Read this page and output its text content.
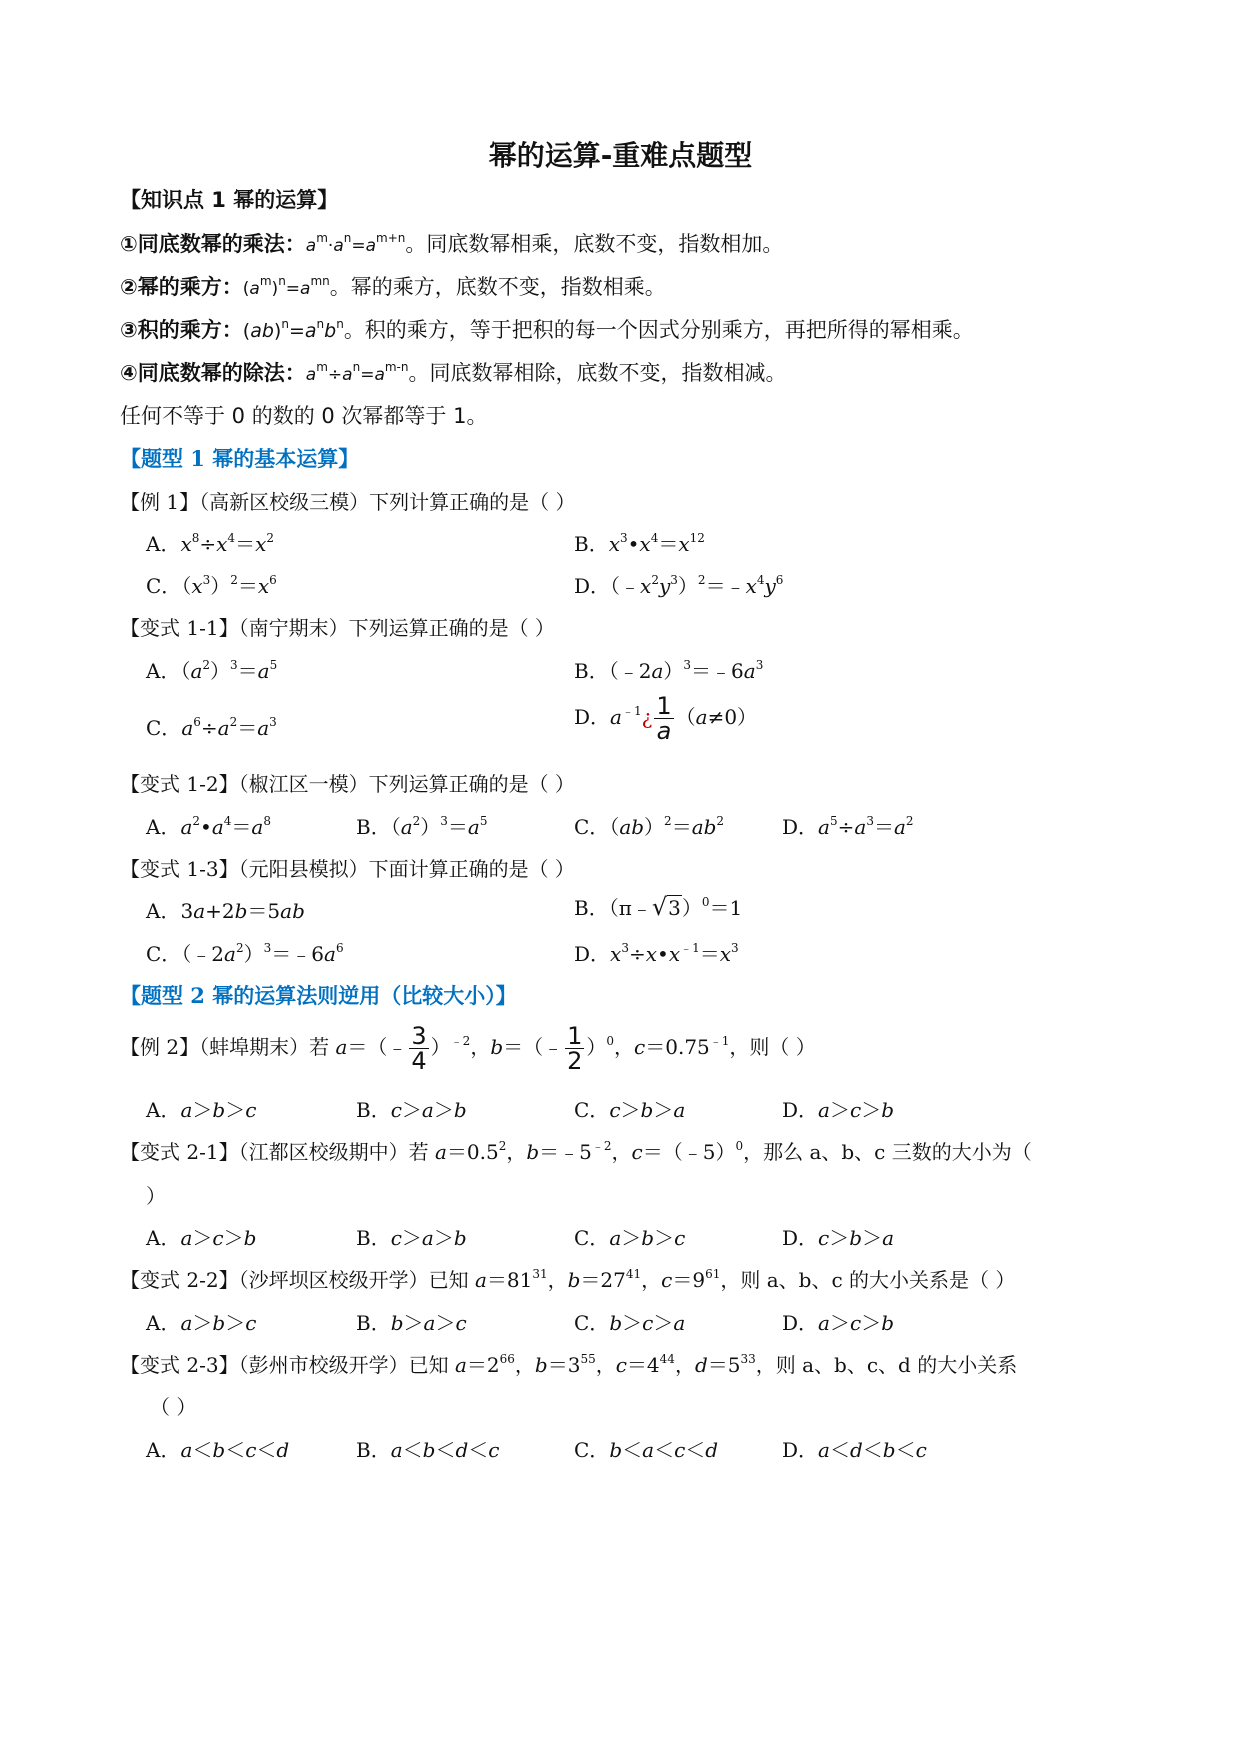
幂的运算-重难点题型
【知识点 1 幂的运算】
①同底数幂的乘法：$a^m\cdot a^n=a^{m+n}$。同底数幂相乘，底数不变，指数相加。
②幂的乘方：$(a^m)^n=a^{mn}$。幂的乘方，底数不变，指数相乘。
③积的乘方：$(ab)^n=a^nb^n$。积的乘方，等于把积的每一个因式分别乘方，再把所得的幂相乘。
④同底数幂的除法：$a^m\div a^n=a^{m-n}$。同底数幂相除，底数不变，指数相减。
任何不等于 0 的数的 0 次幂都等于 1。
【题型 1 幂的基本运算】
【例 1】（高新区校级三模）下列计算正确的是（ ）
A．$x^8\div x^4=x^2$	B．$x^3•x^4=x^{12}$
C．$(x^3)^2=x^6$	D．$(﹣x^2y^3)^2=﹣x^4y^6$
【变式 1-1】（南宁期末）下列运算正确的是（ ）
A．$(a^2)^3=a^5$	B．$(﹣2a)^3=﹣6a^3$
C．$a^6\div a^2=a^3$	D．$a^{﹣1}¿ \frac{1}{a} (a\ne 0)$
【变式 1-2】（椒江区一模）下列运算正确的是（ ）
A．$a^2•a^4=a^8$	B．$(a^2)^3=a^5$	C．$(ab)^2=ab^2$	D．$a^5\div a^3=a^2$
【变式 1-3】（元阳县模拟）下面计算正确的是（ ）
A．3a+2b＝5ab	B．（π﹣√3）$^0$＝1
C．$(﹣2a^2)^3=﹣6a^6$	D．$x^3\div x•x^{﹣1}=x^3$
【题型 2 幂的运算法则逆用（比较大小）】
【例 2】（蚌埠期末）若 a＝（﹣ $\frac{3}{4} )^{﹣2}$，b＝（﹣ $\frac{1}{2} )^0$，$c=0.75^{﹣1}$，则（ ）
A．a＞b＞c	B．c＞a＞b	C．c＞b＞a	D．a＞c＞b
【变式 2-1】（江都区校级期中）若 $a=0.5^2$，$b=﹣5^{﹣2}$，c＝（﹣5）$^0$，那么 a、b、c 三数的大小为（
）
A．a＞c＞b	B．c＞a＞b	C．a＞b＞c	D．c＞b＞a
【变式 2-2】（沙坪坝区校级开学）已知 $a=81^{31}$，$b=27^{41}$，$c=9^{61}$，则 a、b、c 的大小关系是（ ）
A．a＞b＞c	B．b＞a＞c	C．b＞c＞a	D．a＞c＞b
【变式 2-3】（彭州市校级开学）已知 $a=2^{66}$，$b=3^{55}$，$c=4^{44}$，$d=5^{33}$，则 a、b、c、d 的大小关系
（ ）
A．a＜b＜c＜d	B．a＜b＜d＜c	C．b＜a＜c＜d	D．a＜d＜b＜c
